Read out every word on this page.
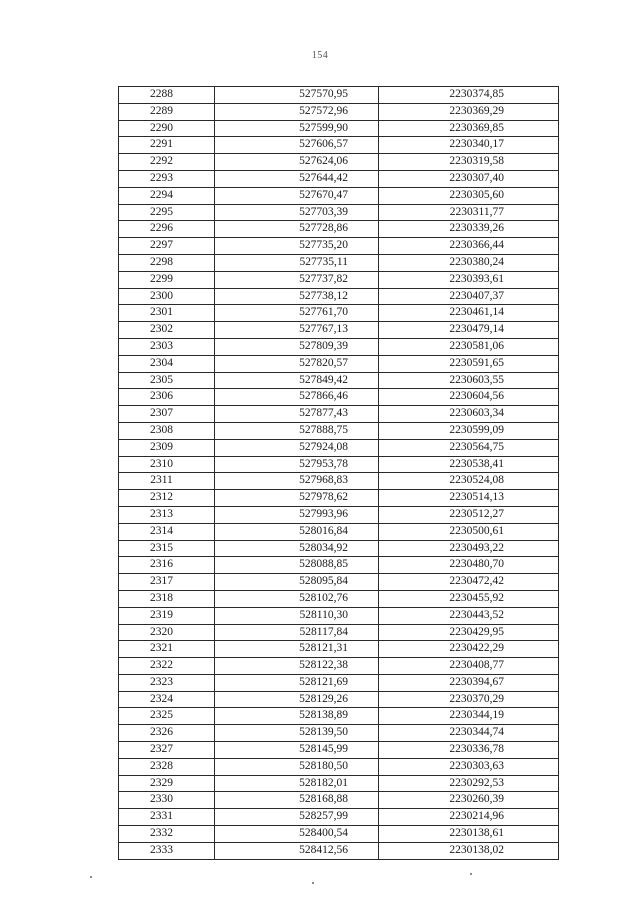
154
2288	527570,95	2230374,85
2289	527572,96	2230369,29
2290	527599,90	2230369,85
2291	527606,57	2230340,17
2292	527624,06	2230319,58
2293	527644,42	2230307,40
2294	527670,47	2230305,60
2295	527703,39	2230311,77
2296	527728,86	2230339,26
2297	527735,20	2230366,44
2298	527735,11	2230380,24
2299	527737,82	2230393,61
2300	527738,12	2230407,37
2301	527761,70	2230461,14
2302	527767,13	2230479,14
2303	527809,39	2230581,06
2304	527820,57	2230591,65
2305	527849,42	2230603,55
2306	527866,46	2230604,56
2307	527877,43	2230603,34
2308	527888,75	2230599,09
2309	527924,08	2230564,75
2310	527953,78	2230538,41
2311	527968,83	2230524,08
2312	527978,62	2230514,13
2313	527993,96	2230512,27
2314	528016,84	2230500,61
2315	528034,92	2230493,22
2316	528088,85	2230480,70
2317	528095,84	2230472,42
2318	528102,76	2230455,92
2319	528110,30	2230443,52
2320	528117,84	2230429,95
2321	528121,31	2230422,29
2322	528122,38	2230408,77
2323	528121,69	2230394,67
2324	528129,26	2230370,29
2325	528138,89	2230344,19
2326	528139,50	2230344,74
2327	528145,99	2230336,78
2328	528180,50	2230303,63
2329	528182,01	2230292,53
2330	528168,88	2230260,39
2331	528257,99	2230214,96
2332	528400,54	2230138,61
2333	528412,56	2230138,02
